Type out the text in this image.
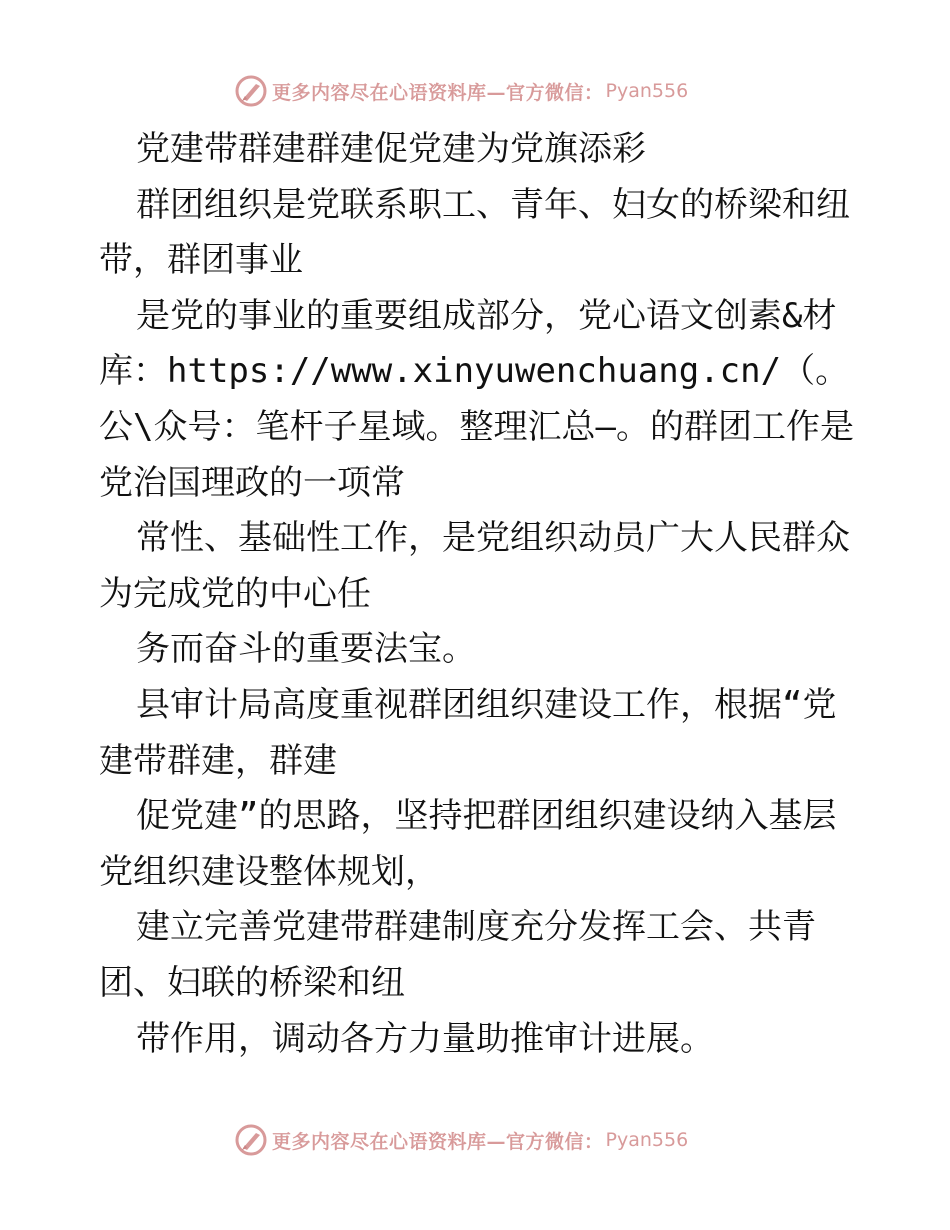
更多内容尽在心语资料库—官方微信： Pyan556

党建带群建群建促党建为党旗添彩

群团组织是党联系职工、青年、妇女的桥梁和纽带，群团事业

是党的事业的重要组成部分，党心语文创素&材库：https://www.xinyuwenchuang.cn/（。公\众号：笔杆子星域。整理汇总—。的群团工作是党治国理政的一项常

常性、基础性工作，是党组织动员广大人民群众为完成党的中心任

务而奋斗的重要法宝。

县审计局高度重视群团组织建设工作，根据“党建带群建，群建

促党建”的思路，坚持把群团组织建设纳入基层党组织建设整体规划，

建立完善党建带群建制度充分发挥工会、共青团、妇联的桥梁和纽

带作用，调动各方力量助推审计进展。

更多内容尽在心语资料库—官方微信： Pyan556
